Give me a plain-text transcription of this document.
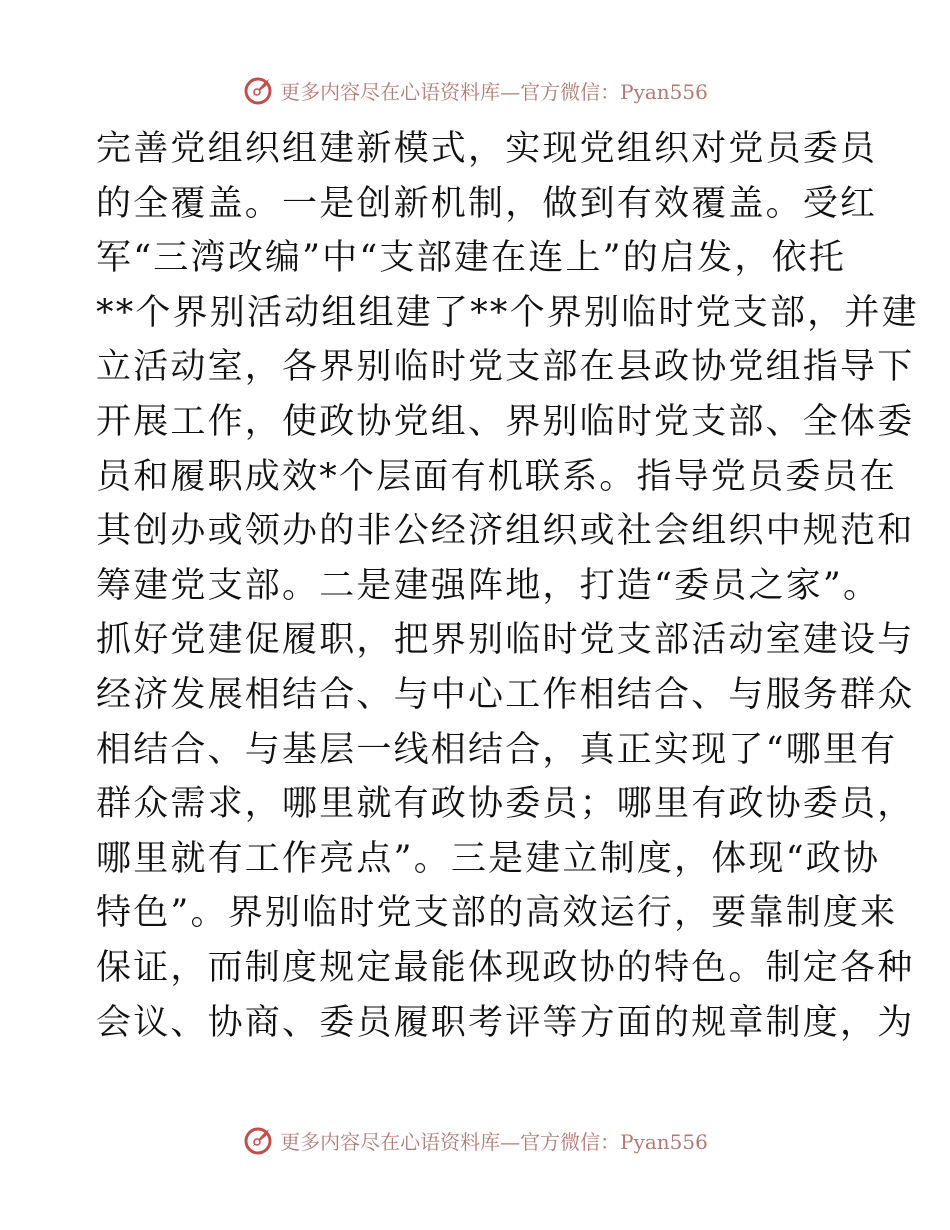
更多内容尽在心语资料库—官方微信：Pyan556
完善党组织组建新模式，实现党组织对党员委员
的全覆盖。一是创新机制，做到有效覆盖。受红
军“三湾改编”中“支部建在连上”的启发，依托
**个界别活动组组建了**个界别临时党支部，并建
立活动室，各界别临时党支部在县政协党组指导下
开展工作，使政协党组、界别临时党支部、全体委
员和履职成效*个层面有机联系。指导党员委员在
其创办或领办的非公经济组织或社会组织中规范和
筹建党支部。二是建强阵地，打造“委员之家”。
抓好党建促履职，把界别临时党支部活动室建设与
经济发展相结合、与中心工作相结合、与服务群众
相结合、与基层一线相结合，真正实现了“哪里有
群众需求，哪里就有政协委员；哪里有政协委员，
哪里就有工作亮点”。三是建立制度，体现“政协
特色”。界别临时党支部的高效运行，要靠制度来
保证，而制度规定最能体现政协的特色。制定各种
会议、协商、委员履职考评等方面的规章制度，为
更多内容尽在心语资料库—官方微信：Pyan556
